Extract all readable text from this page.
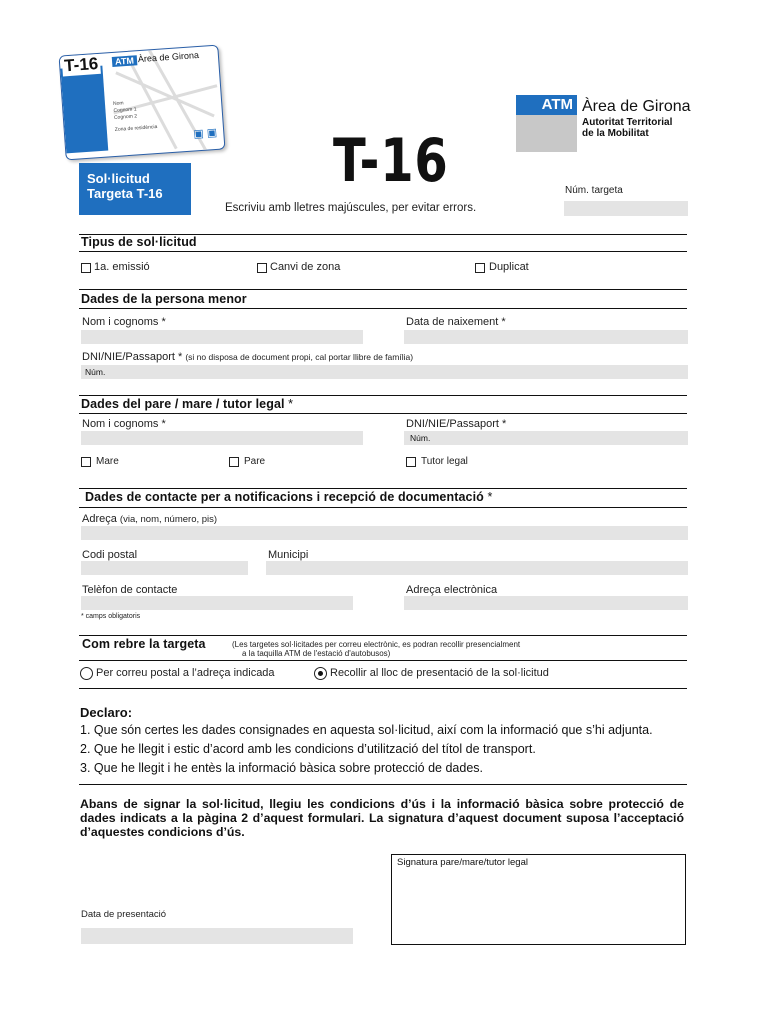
T-16	ATM Àrea de Girona
Nom
Cognom 1
Cognom 2
Zona de residència	▣ ▣
Sol·licitud
Targeta T-16	T-16
Escriviu amb lletres majúscules, per evitar errors.
ATM Àrea de Girona
Autoritat Territorial
de la Mobilitat
Núm. targeta
Tipus de sol·licitud
1a. emissió	Canvi de zona	Duplicat
Dades de la persona menor
Nom i cognoms *	Data de naixement *
DNI/NIE/Passaport * (si no disposa de document propi, cal portar llibre de família)
Núm.
Dades del pare / mare / tutor legal *
Nom i cognoms *	DNI/NIE/Passaport *
Núm.
Mare	Pare	Tutor legal
Dades de contacte per a notificacions i recepció de documentació *
Adreça (via, nom, número, pis)
Codi postal	Municipi
Telèfon de contacte	Adreça electrònica
* camps obligatoris
Com rebre la targeta	(Les targetes sol·licitades per correu electrònic, es podran recollir presencialment
a la taquilla ATM de l'estació d'autobusos)
Per correu postal a l’adreça indicada	Recollir al lloc de presentació de la sol·licitud
Declaro:
1. Que són certes les dades consignades en aquesta sol·licitud, així com la informació que s’hi adjunta.
2. Que he llegit i estic d’acord amb les condicions d’utilització del títol de transport.
3. Que he llegit i he entès la informació bàsica sobre protecció de dades.
Abans de signar la sol·licitud, llegiu les condicions d’ús i la informació bàsica sobre protecció de dades indicats a la pàgina 2 d’aquest formulari. La signatura d’aquest document suposa l’acceptació d’aquestes condicions d’ús.
Signatura pare/mare/tutor legal
Data de presentació
